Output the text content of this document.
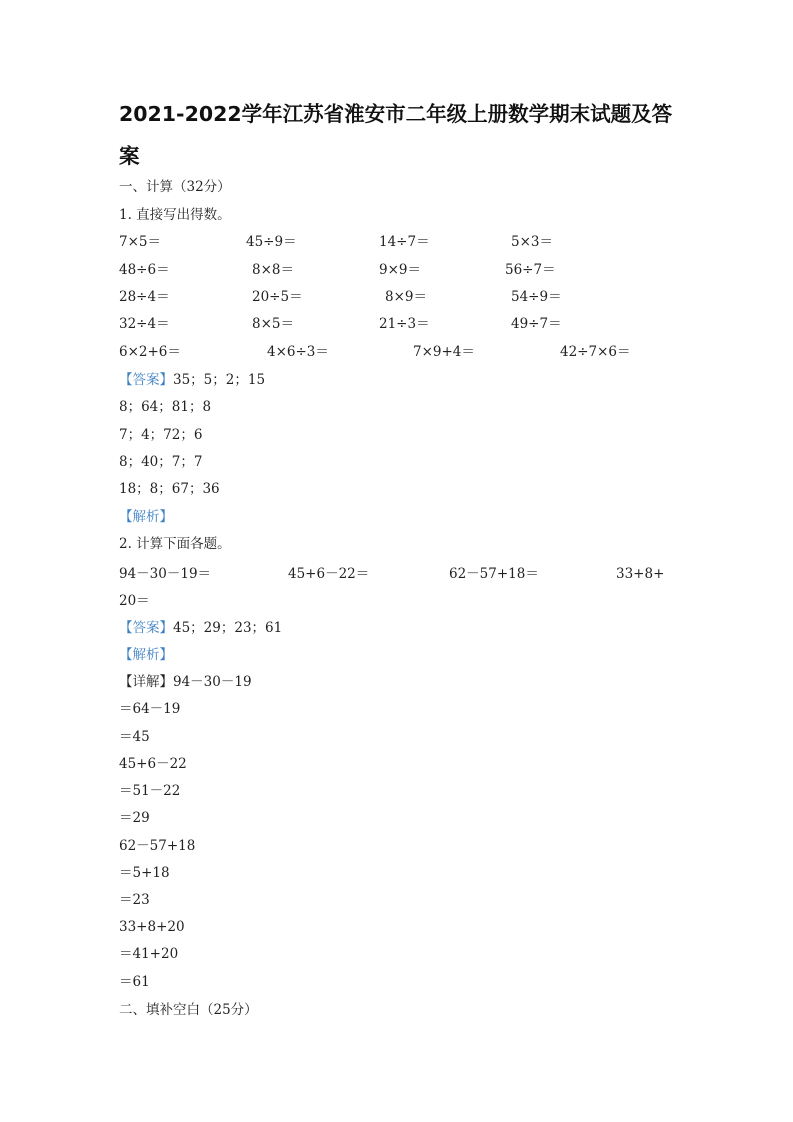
2021-2022学年江苏省淮安市二年级上册数学期末试题及答案
一、计算（32分）
1. 直接写出得数。
7×5＝	45÷9＝	14÷7＝	5×3＝
48÷6＝	8×8＝	9×9＝	56÷7＝
28÷4＝	20÷5＝	8×9＝	54÷9＝
32÷4＝	8×5＝	21÷3＝	49÷7＝
6×2+6＝	4×6÷3＝	7×9+4＝	42÷7×6＝
【答案】35；5；2；15
8；64；81；8
7；4；72；6
8；40；7；7
18；8；67；36
【解析】
2. 计算下面各题。
94－30－19＝	45+6－22＝	62－57+18＝	33+8+
20＝
【答案】45；29；23；61
【解析】
【详解】94－30－19
＝64－19
＝45
45+6－22
＝51－22
＝29
62－57+18
＝5+18
＝23
33+8+20
＝41+20
＝61
二、填补空白（25分）
